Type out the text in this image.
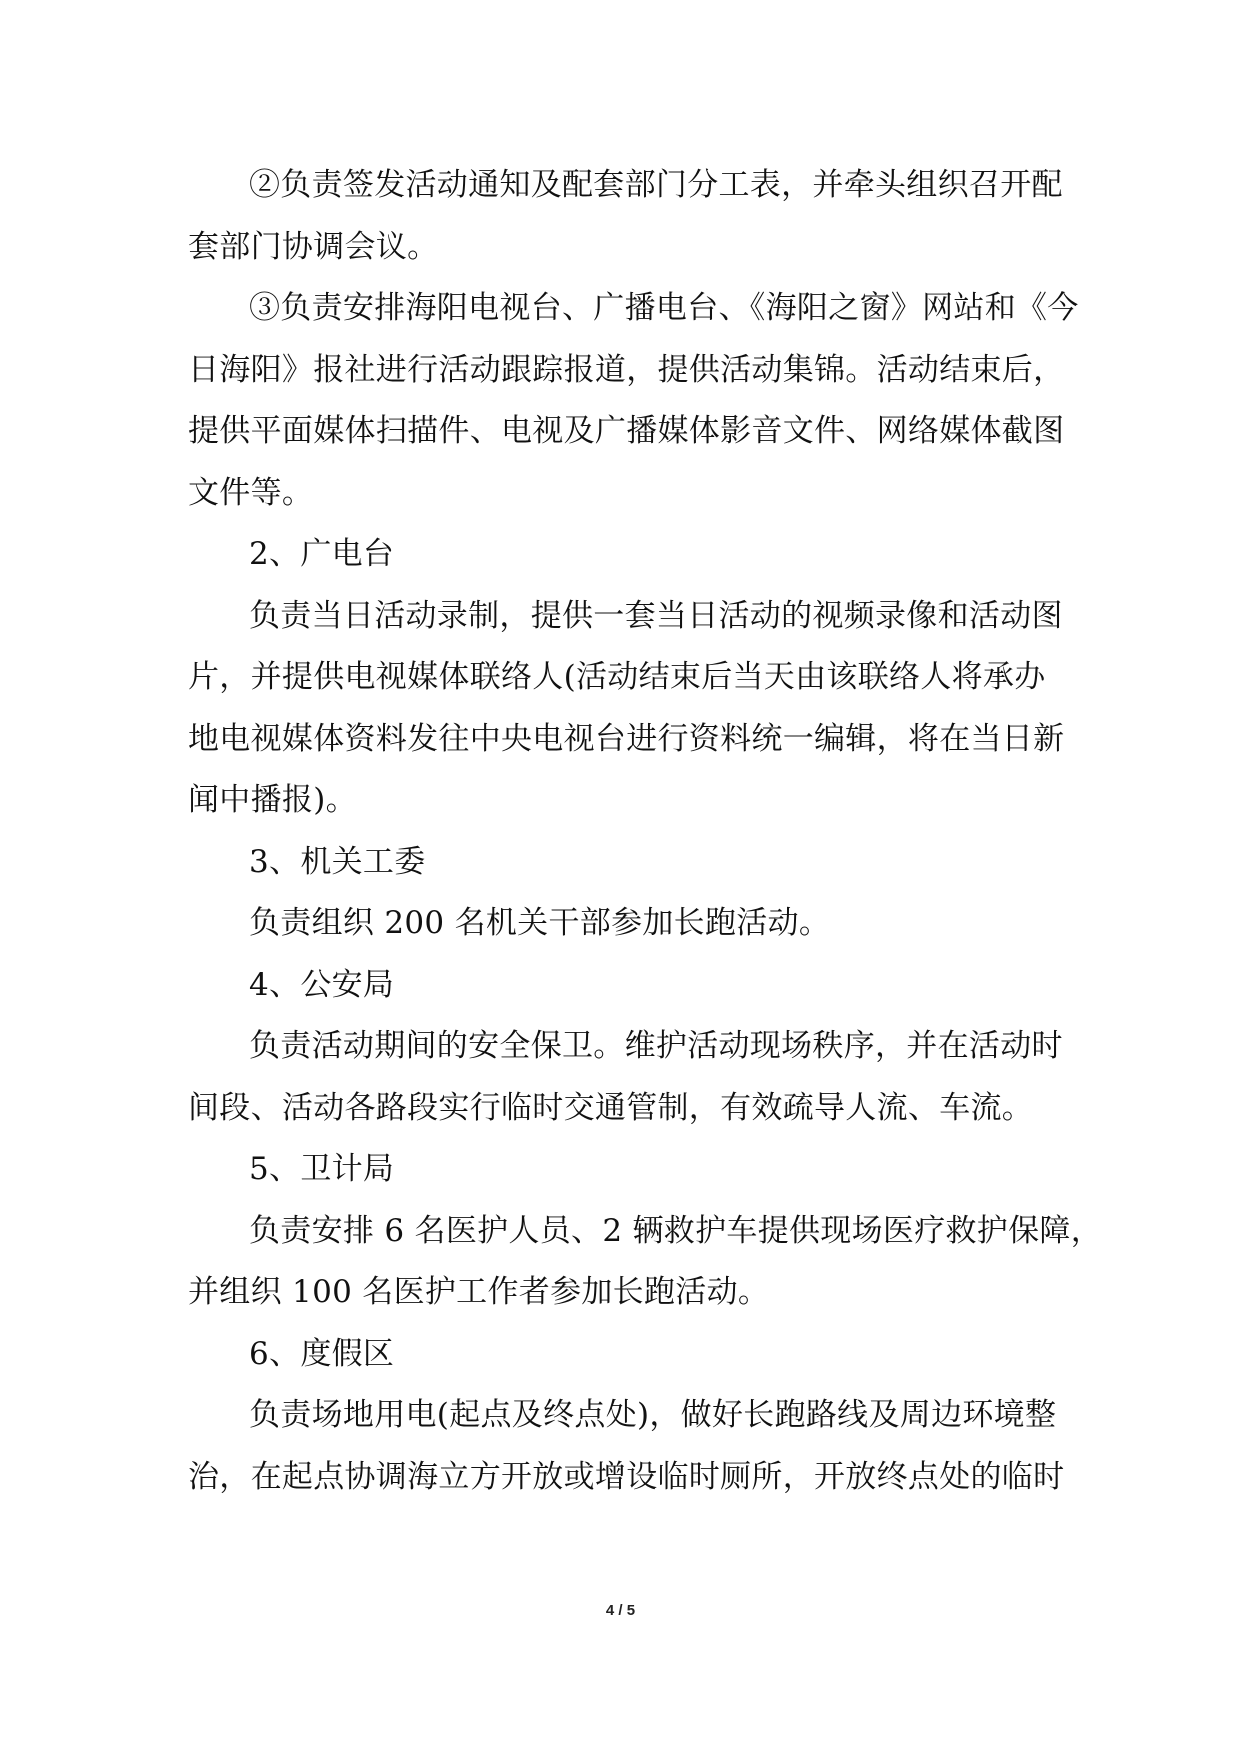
②负责签发活动通知及配套部门分工表，并牵头组织召开配
套部门协调会议。
③负责安排海阳电视台、广播电台、《海阳之窗》网站和《今
日海阳》报社进行活动跟踪报道，提供活动集锦。活动结束后，
提供平面媒体扫描件、电视及广播媒体影音文件、网络媒体截图
文件等。
2、广电台
负责当日活动录制，提供一套当日活动的视频录像和活动图
片，并提供电视媒体联络人(活动结束后当天由该联络人将承办
地电视媒体资料发往中央电视台进行资料统一编辑，将在当日新
闻中播报)。
3、机关工委
负责组织 200 名机关干部参加长跑活动。
4、公安局
负责活动期间的安全保卫。维护活动现场秩序，并在活动时
间段、活动各路段实行临时交通管制，有效疏导人流、车流。
5、卫计局
负责安排 6 名医护人员、2 辆救护车提供现场医疗救护保障，
并组织 100 名医护工作者参加长跑活动。
6、度假区
负责场地用电(起点及终点处)，做好长跑路线及周边环境整
治，在起点协调海立方开放或增设临时厕所，开放终点处的临时
4 / 5
